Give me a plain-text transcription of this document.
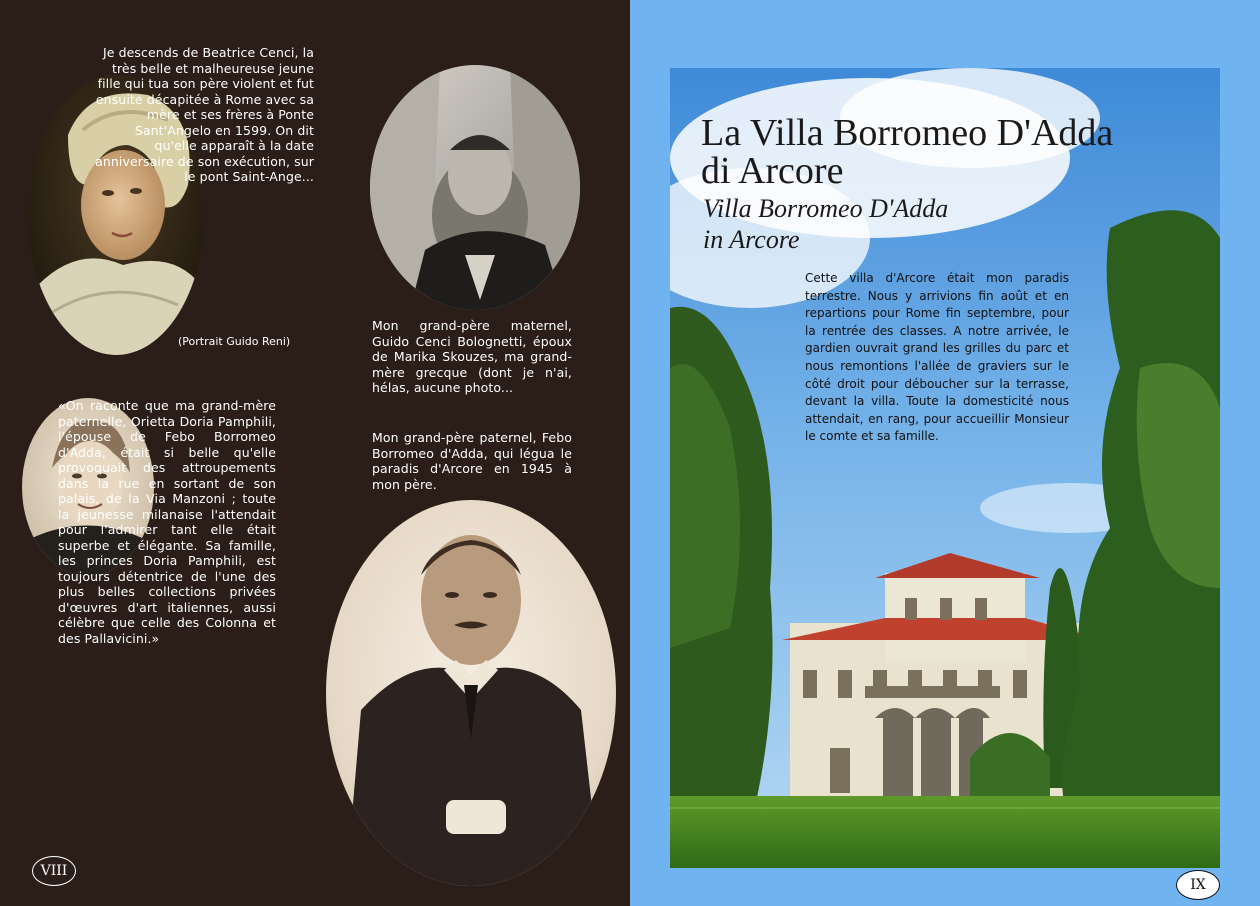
Je descends de Beatrice Cenci, la très belle et malheureuse jeune fille qui tua son père violent et fut ensuite décapitée à Rome avec sa mère et ses frères à Ponte Sant'Angelo en 1599. On dit qu'elle apparaît à la date anniversaire de son exécution, sur le pont Saint-Ange...
(Portrait Guido Reni)
Mon grand-père maternel, Guido Cenci Bolognetti, époux de Marika Skouzes, ma grand-mère grecque (dont je n'ai, hélas, aucune photo...
Mon grand-père paternel, Febo Borromeo d'Adda, qui légua le paradis d'Arcore en 1945 à mon père.
«On raconte que ma grand-mère paternelle, Orietta Doria Pamphili, l'épouse de Febo Borromeo d'Adda, était si belle qu'elle provoquait des attroupements dans la rue en sortant de son palais, de la Via Manzoni ; toute la jeunesse milanaise l'attendait pour l'admirer tant elle était superbe et élégante. Sa famille, les princes Doria Pamphili, est toujours détentrice de l'une des plus belles collections privées d'œuvres d'art italiennes, aussi célèbre que celle des Colonna et des Pallavicini.»
VIII
La Villa Borromeo D'Adda
di Arcore
Villa Borromeo D'Adda
in Arcore
Cette villa d'Arcore était mon paradis terrestre. Nous y arrivions fin août et en repartions pour Rome fin septembre, pour la rentrée des classes. A notre arrivée, le gardien ouvrait grand les grilles du parc et nous remontions l'allée de graviers sur le côté droit pour déboucher sur la terrasse, devant la villa. Toute la domesticité nous attendait, en rang, pour accueillir Monsieur le comte et sa famille.
IX
